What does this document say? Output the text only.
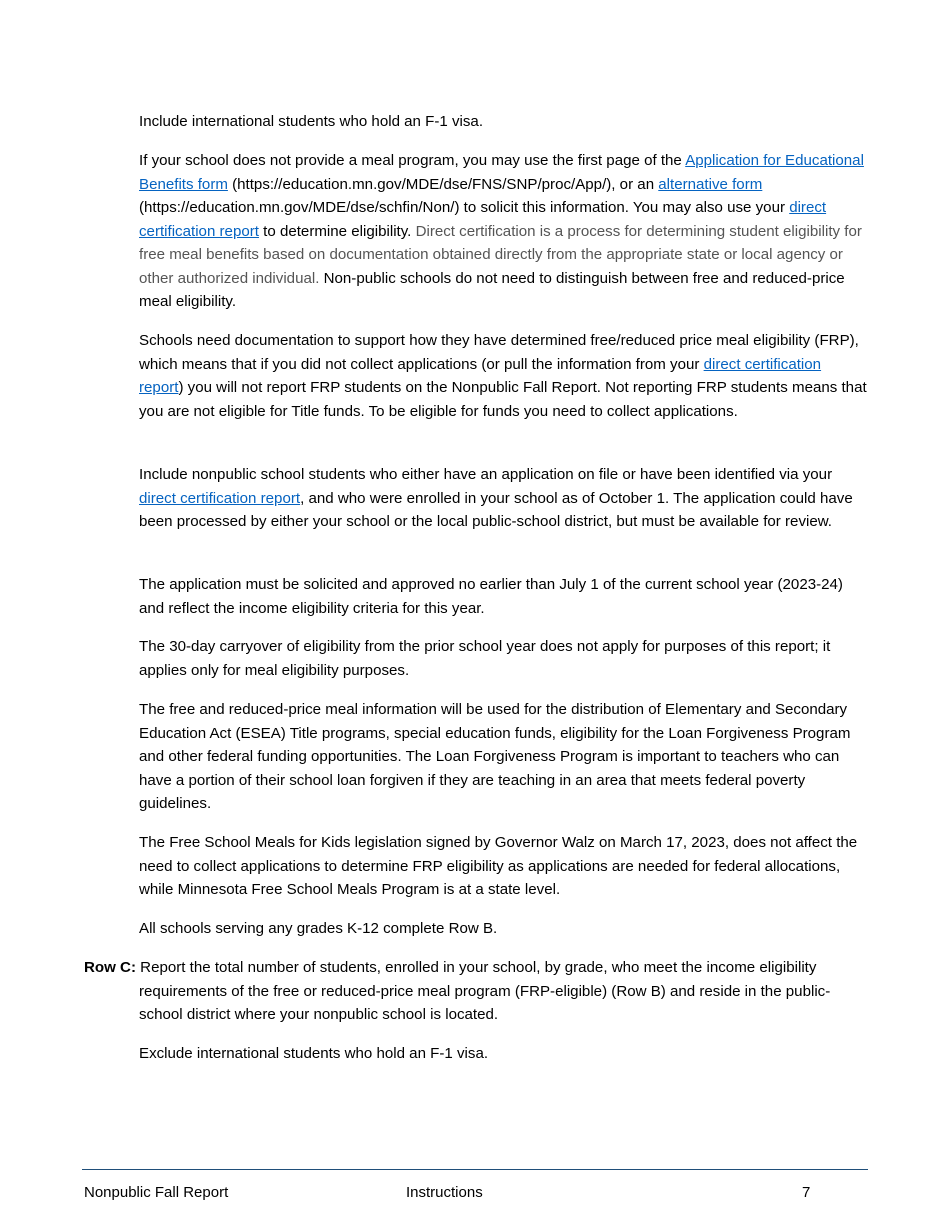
Include international students who hold an F-1 visa.

If your school does not provide a meal program, you may use the first page of the Application for Educational Benefits form (https://education.mn.gov/MDE/dse/FNS/SNP/proc/App/), or an alternative form (https://education.mn.gov/MDE/dse/schfin/Non/) to solicit this information. You may also use your direct certification report to determine eligibility. Direct certification is a process for determining student eligibility for free meal benefits based on documentation obtained directly from the appropriate state or local agency or other authorized individual. Non-public schools do not need to distinguish between free and reduced-price meal eligibility.

Schools need documentation to support how they have determined free/reduced price meal eligibility (FRP), which means that if you did not collect applications (or pull the information from your direct certification report) you will not report FRP students on the Nonpublic Fall Report. Not reporting FRP students means that you are not eligible for Title funds. To be eligible for funds you need to collect applications.

Include nonpublic school students who either have an application on file or have been identified via your direct certification report, and who were enrolled in your school as of October 1. The application could have been processed by either your school or the local public-school district, but must be available for review.

The application must be solicited and approved no earlier than July 1 of the current school year (2023-24) and reflect the income eligibility criteria for this year.

The 30-day carryover of eligibility from the prior school year does not apply for purposes of this report; it applies only for meal eligibility purposes.

The free and reduced-price meal information will be used for the distribution of Elementary and Secondary Education Act (ESEA) Title programs, special education funds, eligibility for the Loan Forgiveness Program and other federal funding opportunities. The Loan Forgiveness Program is important to teachers who can have a portion of their school loan forgiven if they are teaching in an area that meets federal poverty guidelines.

The Free School Meals for Kids legislation signed by Governor Walz on March 17, 2023, does not affect the need to collect applications to determine FRP eligibility as applications are needed for federal allocations, while Minnesota Free School Meals Program is at a state level.

All schools serving any grades K-12 complete Row B.

Row C: Report the total number of students, enrolled in your school, by grade, who meet the income eligibility requirements of the free or reduced-price meal program (FRP-eligible) (Row B) and reside in the public-school district where your nonpublic school is located.

Exclude international students who hold an F-1 visa.

Nonpublic Fall Report	Instructions	7
